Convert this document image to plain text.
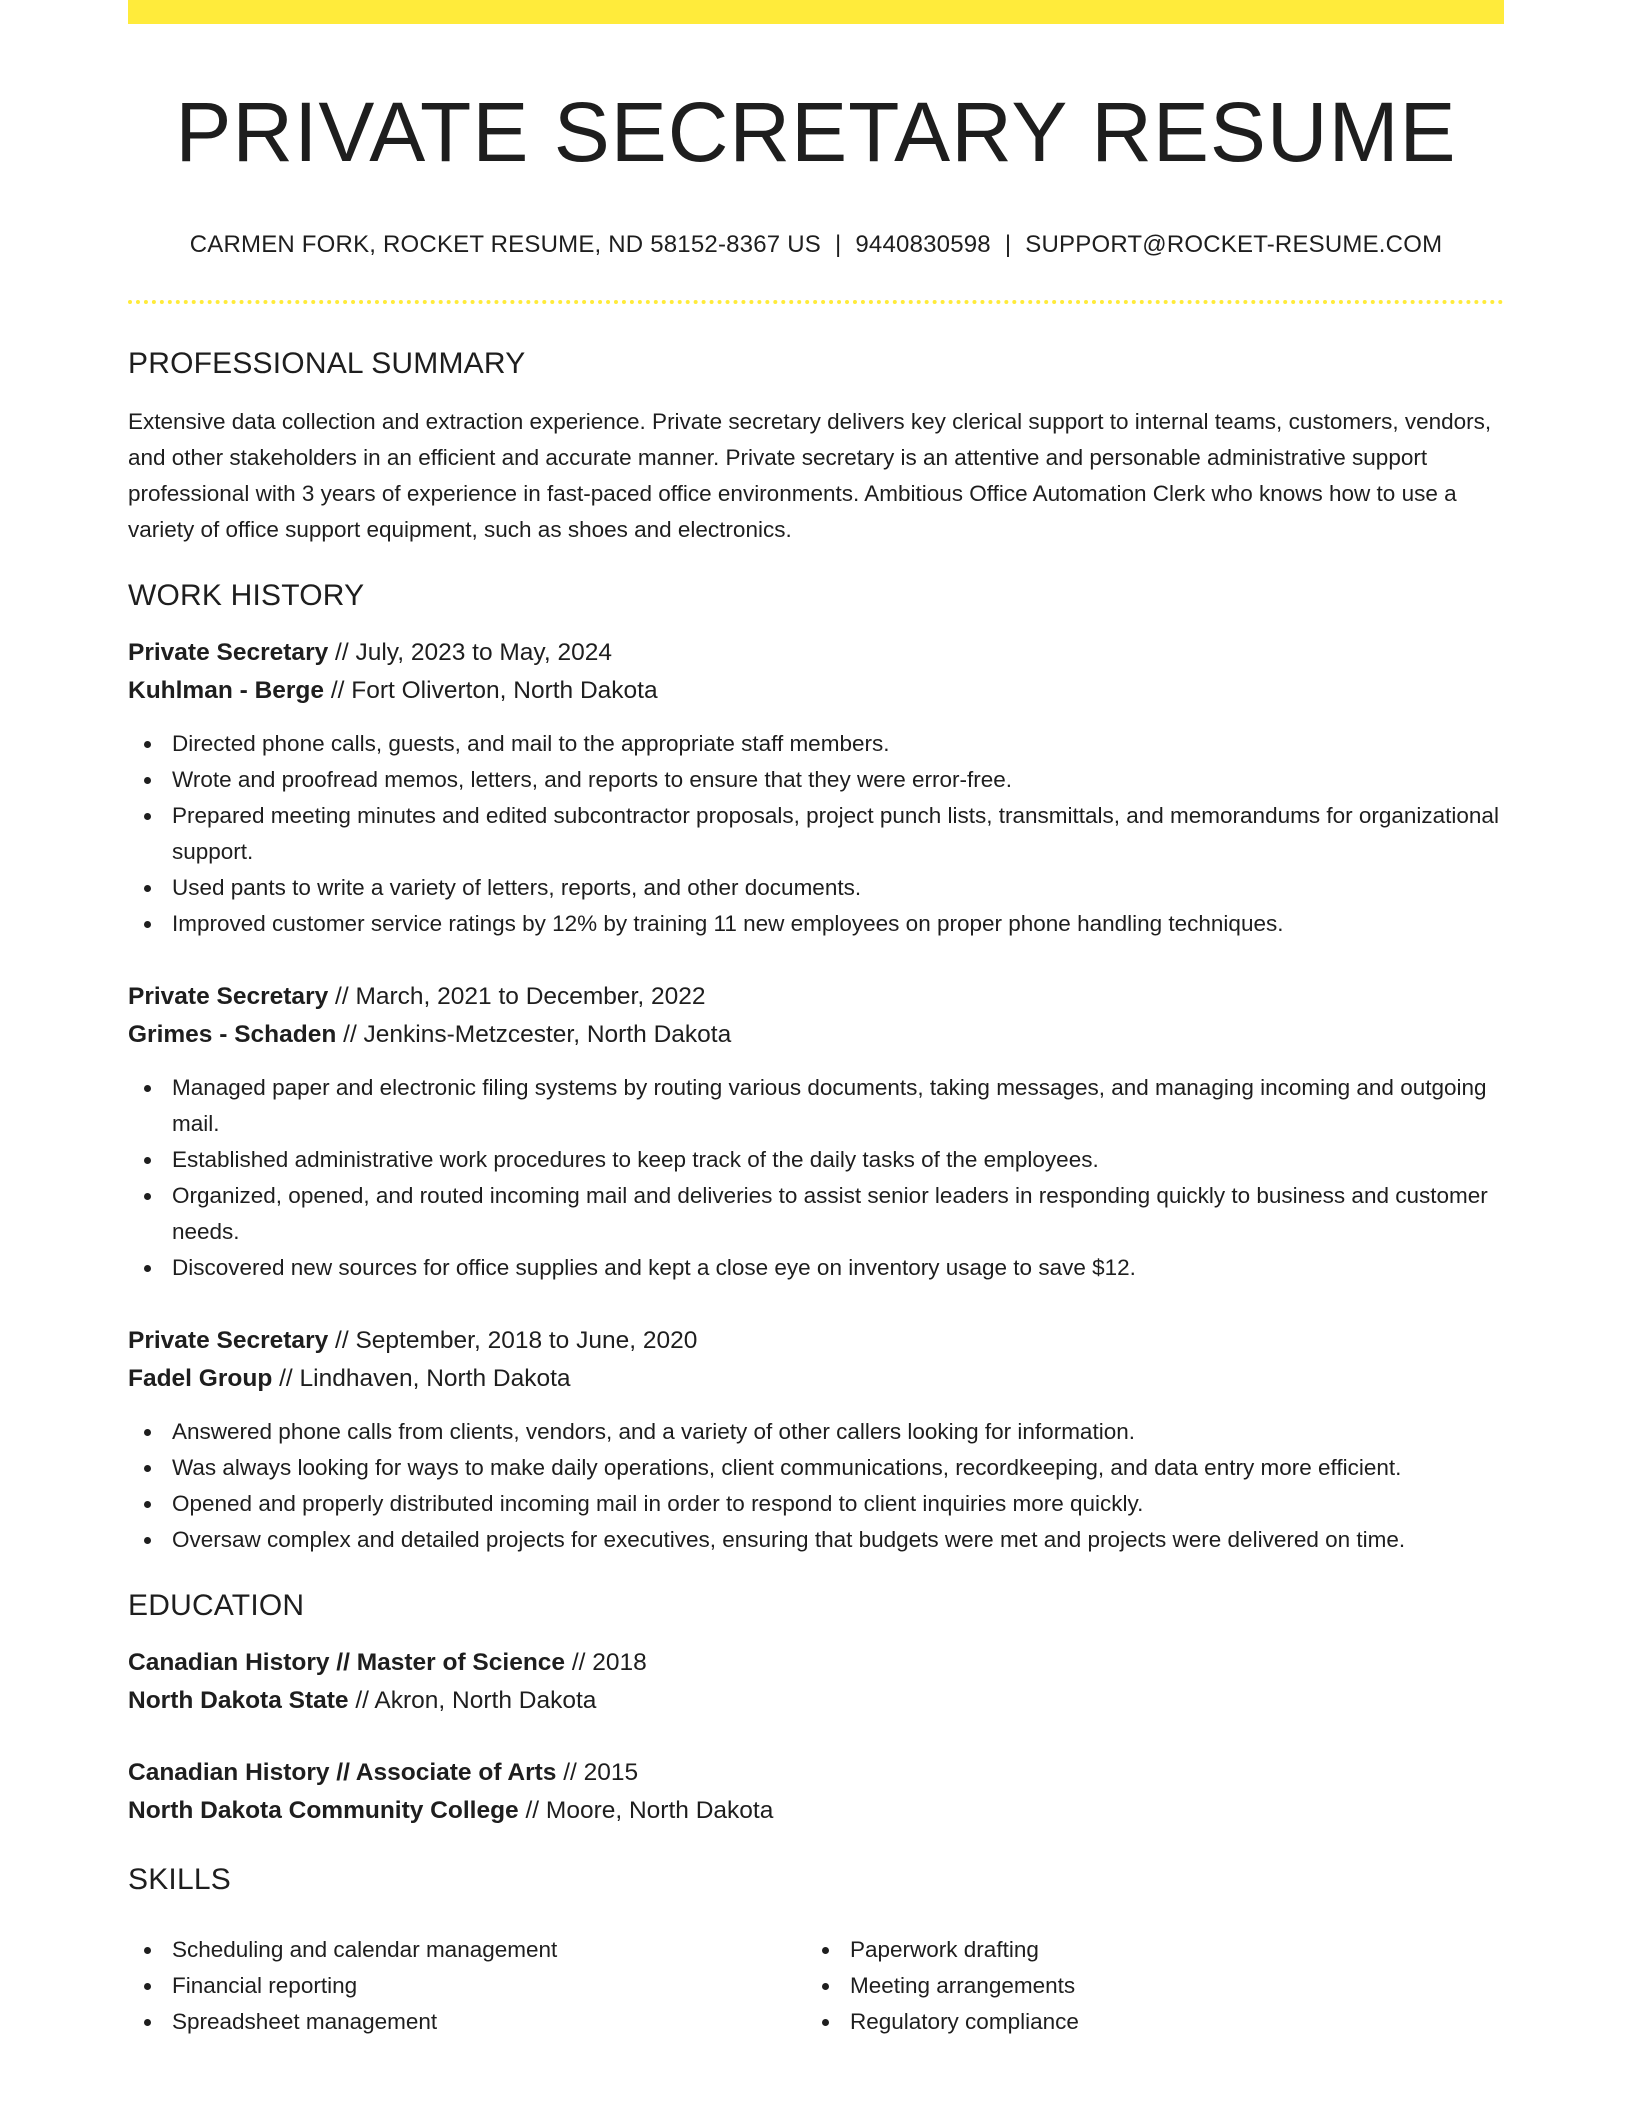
PRIVATE SECRETARY RESUME
CARMEN FORK, ROCKET RESUME, ND 58152-8367 US | 9440830598 | SUPPORT@ROCKET-RESUME.COM
PROFESSIONAL SUMMARY

Extensive data collection and extraction experience. Private secretary delivers key clerical support to internal teams, customers, vendors, and other stakeholders in an efficient and accurate manner. Private secretary is an attentive and personable administrative support professional with 3 years of experience in fast-paced office environments. Ambitious Office Automation Clerk who knows how to use a variety of office support equipment, such as shoes and electronics.

WORK HISTORY
Private Secretary // July, 2023 to May, 2024
Kuhlman - Berge // Fort Oliverton, North Dakota
Directed phone calls, guests, and mail to the appropriate staff members.
Wrote and proofread memos, letters, and reports to ensure that they were error-free.
Prepared meeting minutes and edited subcontractor proposals, project punch lists, transmittals, and memorandums for organizational support.
Used pants to write a variety of letters, reports, and other documents.
Improved customer service ratings by 12% by training 11 new employees on proper phone handling techniques.
Private Secretary // March, 2021 to December, 2022
Grimes - Schaden // Jenkins-Metzcester, North Dakota
Managed paper and electronic filing systems by routing various documents, taking messages, and managing incoming and outgoing mail.
Established administrative work procedures to keep track of the daily tasks of the employees.
Organized, opened, and routed incoming mail and deliveries to assist senior leaders in responding quickly to business and customer needs.
Discovered new sources for office supplies and kept a close eye on inventory usage to save $12.
Private Secretary // September, 2018 to June, 2020
Fadel Group // Lindhaven, North Dakota
Answered phone calls from clients, vendors, and a variety of other callers looking for information.
Was always looking for ways to make daily operations, client communications, recordkeeping, and data entry more efficient.
Opened and properly distributed incoming mail in order to respond to client inquiries more quickly.
Oversaw complex and detailed projects for executives, ensuring that budgets were met and projects were delivered on time.
EDUCATION
Canadian History // Master of Science // 2018
North Dakota State // Akron, North Dakota
Canadian History // Associate of Arts // 2015
North Dakota Community College // Moore, North Dakota
SKILLS
Scheduling and calendar management
Financial reporting
Spreadsheet management
Paperwork drafting
Meeting arrangements
Regulatory compliance
